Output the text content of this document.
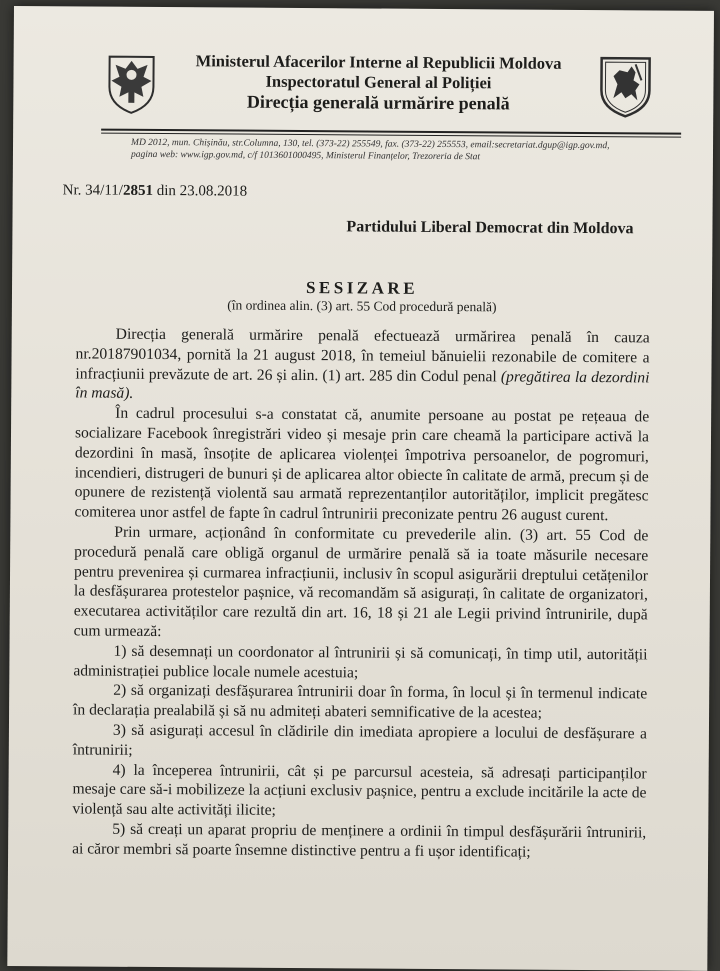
Ministerul Afacerilor Interne al Republicii Moldova
Inspectoratul General al Poliției
Direcția generală urmărire penală
MD 2012, mun. Chișinău, str.Columna, 130, tel. (373-22) 255549, fax. (373-22) 255553, email:secretariat.dgup@igp.gov.md,
pagina web: www.igp.gov.md, c/f 1013601000495, Ministerul Finanțelor, Trezoreria de Stat
Nr. 34/11/2851 din 23.08.2018
Partidului Liberal Democrat din Moldova
SESIZARE
(în ordinea alin. (3) art. 55 Cod procedură penală)

Direcția generală urmărire penală efectuează urmărirea penală în cauza nr.20187901034, pornită la 21 august 2018, în temeiul bănuielii rezonabile de comitere a infracțiunii prevăzute de art. 26 și alin. (1) art. 285 din Codul penal (pregătirea la dezordini în masă).

În cadrul procesului s-a constatat că, anumite persoane au postat pe rețeaua de socializare Facebook înregistrări video și mesaje prin care cheamă la participare activă la dezordini în masă, însoțite de aplicarea violenței împotriva persoanelor, de pogromuri, incendieri, distrugeri de bunuri și de aplicarea altor obiecte în calitate de armă, precum și de opunere de rezistență violentă sau armată reprezentanților autorităților, implicit pregătesc comiterea unor astfel de fapte în cadrul întrunirii preconizate pentru 26 august curent.

Prin urmare, acționând în conformitate cu prevederile alin. (3) art. 55 Cod de procedură penală care obligă organul de urmărire penală să ia toate măsurile necesare pentru prevenirea și curmarea infracțiunii, inclusiv în scopul asigurării dreptului cetățenilor la desfășurarea protestelor pașnice, vă recomandăm să asigurați, în calitate de organizatori, executarea activităților care rezultă din art. 16, 18 și 21 ale Legii privind întrunirile, după cum urmează:

1) să desemnați un coordonator al întrunirii și să comunicați, în timp util, autorității administrației publice locale numele acestuia;

2) să organizați desfășurarea întrunirii doar în forma, în locul și în termenul indicate în declarația prealabilă și să nu admiteți abateri semnificative de la acestea;

3) să asigurați accesul în clădirile din imediata apropiere a locului de desfășurare a întrunirii;

4) la începerea întrunirii, cât și pe parcursul acesteia, să adresați participanților mesaje care să-i mobilizeze la acțiuni exclusiv pașnice, pentru a exclude incitările la acte de violență sau alte activități ilicite;

5) să creați un aparat propriu de menținere a ordinii în timpul desfășurării întrunirii, ai căror membri să poarte însemne distinctive pentru a fi ușor identificați;
